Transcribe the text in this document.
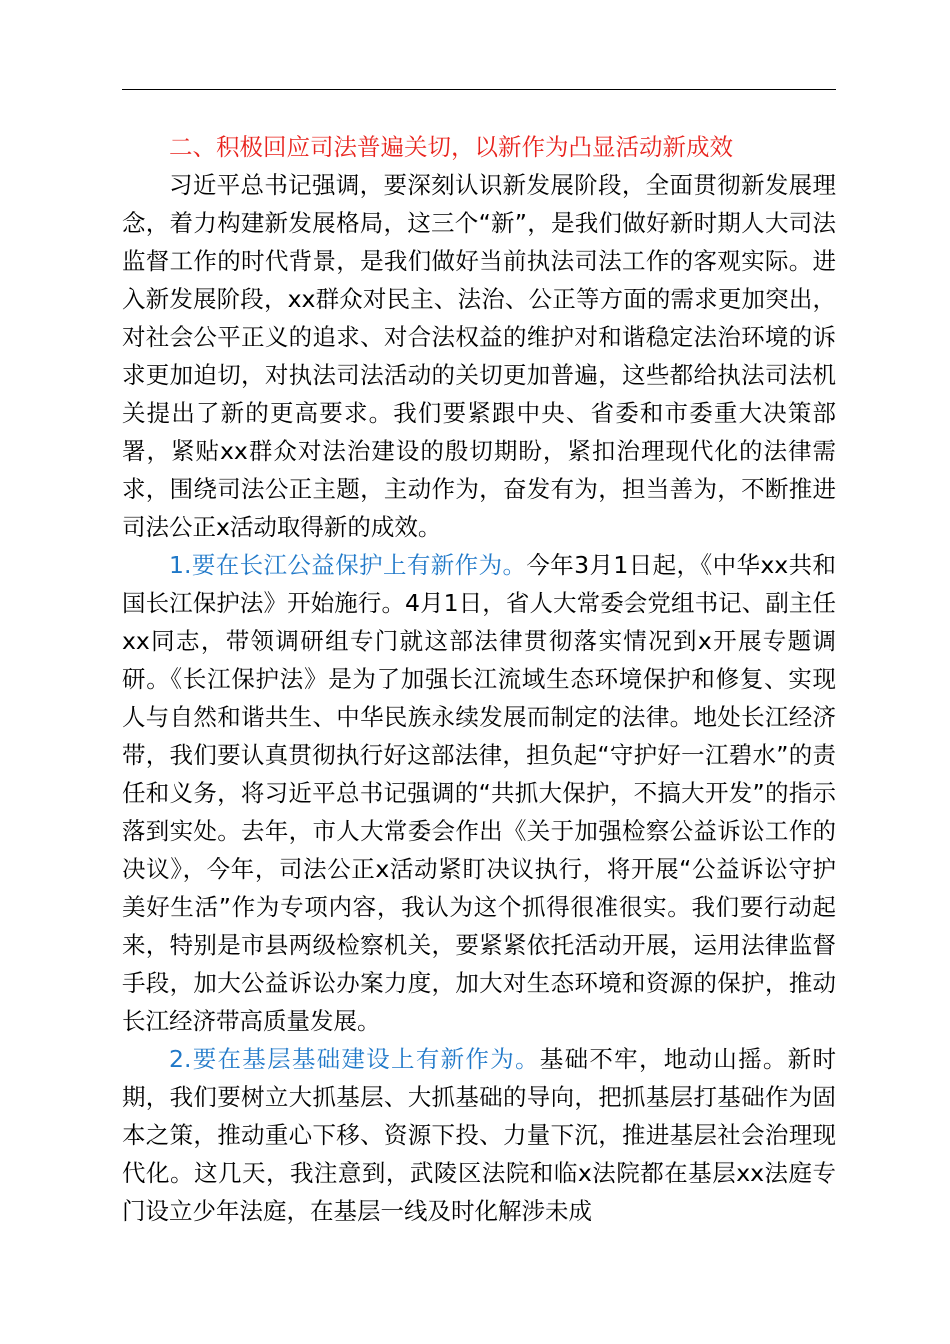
二、积极回应司法普遍关切，以新作为凸显活动新成效

习近平总书记强调，要深刻认识新发展阶段，全面贯彻新发展理念，着力构建新发展格局，这三个“新”，是我们做好新时期人大司法监督工作的时代背景，是我们做好当前执法司法工作的客观实际。进入新发展阶段，xx群众对民主、法治、公正等方面的需求更加突出，对社会公平正义的追求、对合法权益的维护对和谐稳定法治环境的诉求更加迫切，对执法司法活动的关切更加普遍，这些都给执法司法机关提出了新的更高要求。我们要紧跟中央、省委和市委重大决策部署，紧贴xx群众对法治建设的殷切期盼，紧扣治理现代化的法律需求，围绕司法公正主题，主动作为，奋发有为，担当善为，不断推进司法公正x活动取得新的成效。

1.要在长江公益保护上有新作为。今年3月1日起，《中华xx共和国长江保护法》开始施行。4月1日，省人大常委会党组书记、副主任xx同志，带领调研组专门就这部法律贯彻落实情况到x开展专题调研。《长江保护法》是为了加强长江流域生态环境保护和修复、实现人与自然和谐共生、中华民族永续发展而制定的法律。地处长江经济带，我们要认真贯彻执行好这部法律，担负起“守护好一江碧水”的责任和义务，将习近平总书记强调的“共抓大保护，不搞大开发”的指示落到实处。去年，市人大常委会作出《关于加强检察公益诉讼工作的决议》，今年，司法公正x活动紧盯决议执行，将开展“公益诉讼守护美好生活”作为专项内容，我认为这个抓得很准很实。我们要行动起来，特别是市县两级检察机关，要紧紧依托活动开展，运用法律监督手段，加大公益诉讼办案力度，加大对生态环境和资源的保护，推动长江经济带高质量发展。

2.要在基层基础建设上有新作为。基础不牢，地动山摇。新时期，我们要树立大抓基层、大抓基础的导向，把抓基层打基础作为固本之策，推动重心下移、资源下投、力量下沉，推进基层社会治理现代化。这几天，我注意到，武陵区法院和临x法院都在基层xx法庭专门设立少年法庭，在基层一线及时化解涉未成
